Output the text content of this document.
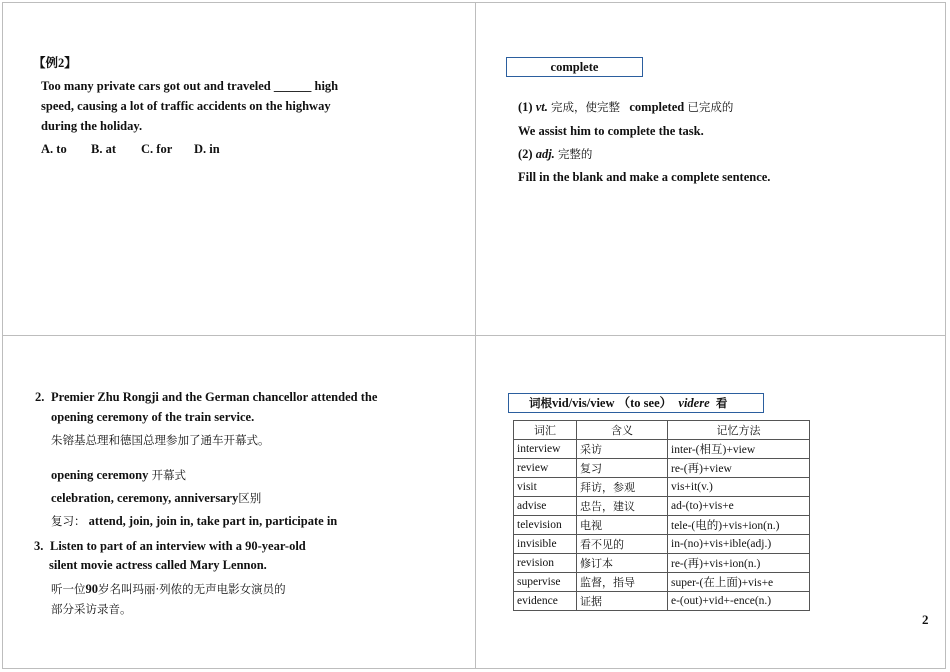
【例2】
Too many private cars got out and traveled ______ high
speed, causing a lot of traffic accidents on the highway
during the holiday.
A. to B. at C. for D. in
complete
(1) vt. 完成，使完整 completed 已完成的
We assist him to complete the task.
(2) adj. 完整的
Fill in the blank and make a complete sentence.
2. Premier Zhu Rongji and the German chancellor attended the
opening ceremony of the train service.
朱镕基总理和德国总理参加了通车开幕式。
opening ceremony 开幕式
celebration, ceremony, anniversary区别
复习： attend, join, join in, take part in, participate in
3. Listen to part of an interview with a 90-year-old
silent movie actress called Mary Lennon.
听一位90岁名叫玛丽·列侬的无声电影女演员的
部分采访录音。
词根vid/vis/view （to see） videre 看
词汇	含义	记忆方法
interview	采访	inter-(相互)+view
review	复习	re-(再)+view
visit	拜访，参观	vis+it(v.)
advise	忠告，建议	ad-(to)+vis+e
television	电视	tele-(电的)+vis+ion(n.)
invisible	看不见的	in-(no)+vis+ible(adj.)
revision	修订本	re-(再)+vis+ion(n.)
supervise	监督，指导	super-(在上面)+vis+e
evidence	证据	e-(out)+vid+-ence(n.)
2
